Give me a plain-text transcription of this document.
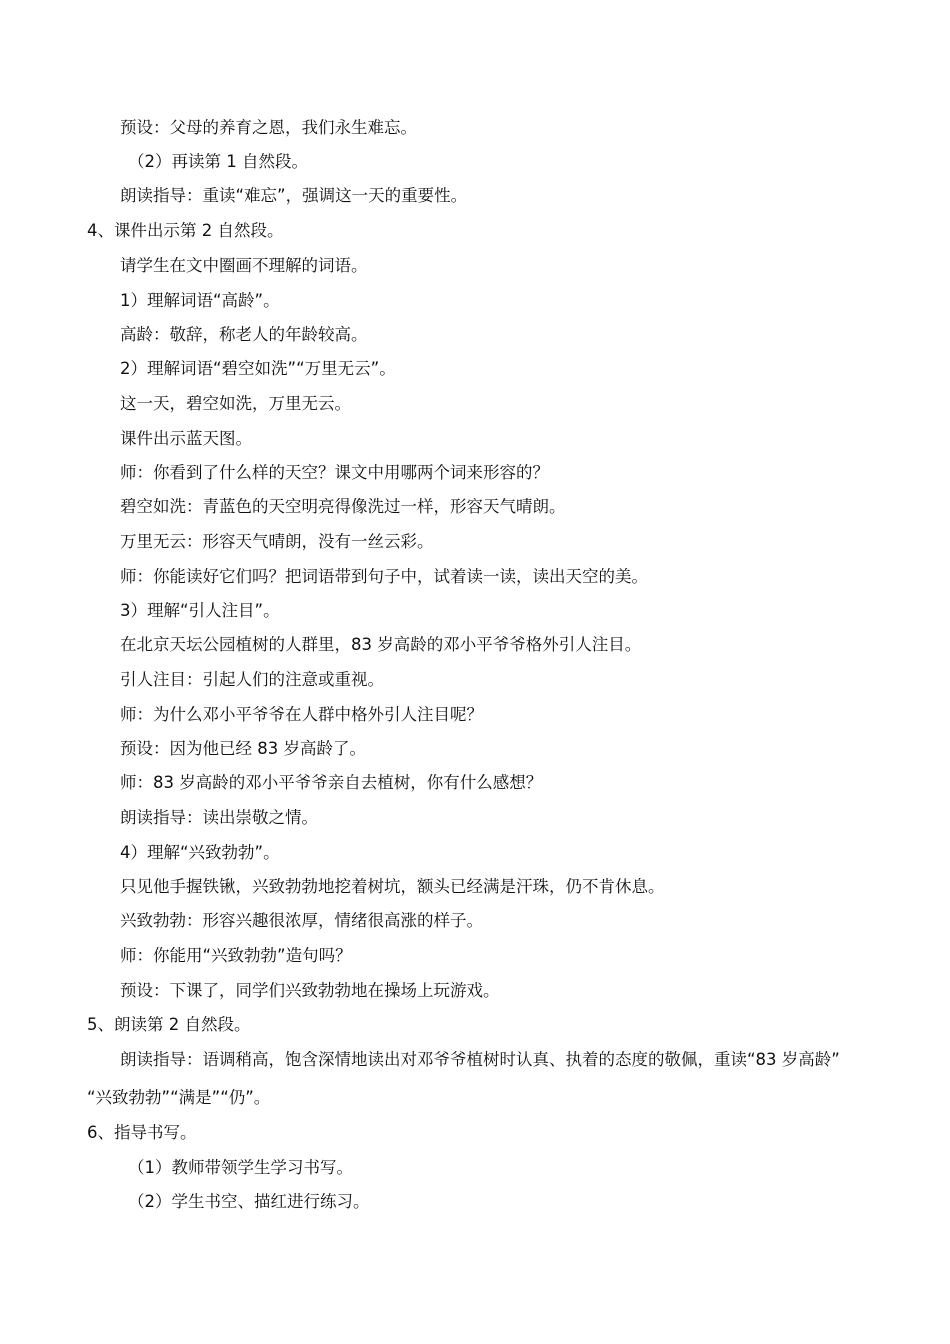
预设：父母的养育之恩，我们永生难忘。
（2）再读第 1 自然段。
朗读指导：重读“难忘”，强调这一天的重要性。
4、课件出示第 2 自然段。
请学生在文中圈画不理解的词语。
1）理解词语“高龄”。
高龄：敬辞，称老人的年龄较高。
2）理解词语“碧空如洗”“万里无云”。
这一天，碧空如洗，万里无云。
课件出示蓝天图。
师：你看到了什么样的天空？课文中用哪两个词来形容的？
碧空如洗：青蓝色的天空明亮得像洗过一样，形容天气晴朗。
万里无云：形容天气晴朗，没有一丝云彩。
师：你能读好它们吗？把词语带到句子中，试着读一读，读出天空的美。
3）理解“引人注目”。
在北京天坛公园植树的人群里，83 岁高龄的邓小平爷爷格外引人注目。
引人注目：引起人们的注意或重视。
师：为什么邓小平爷爷在人群中格外引人注目呢？
预设：因为他已经 83 岁高龄了。
师：83 岁高龄的邓小平爷爷亲自去植树，你有什么感想？
朗读指导：读出崇敬之情。
4）理解“兴致勃勃”。
只见他手握铁锹，兴致勃勃地挖着树坑，额头已经满是汗珠，仍不肯休息。
兴致勃勃：形容兴趣很浓厚，情绪很高涨的样子。
师：你能用“兴致勃勃”造句吗？
预设：下课了，同学们兴致勃勃地在操场上玩游戏。
5、朗读第 2 自然段。
朗读指导：语调稍高，饱含深情地读出对邓爷爷植树时认真、执着的态度的敬佩，重读“83 岁高龄”
“兴致勃勃”“满是”“仍”。
6、指导书写。
（1）教师带领学生学习书写。
（2）学生书空、描红进行练习。
